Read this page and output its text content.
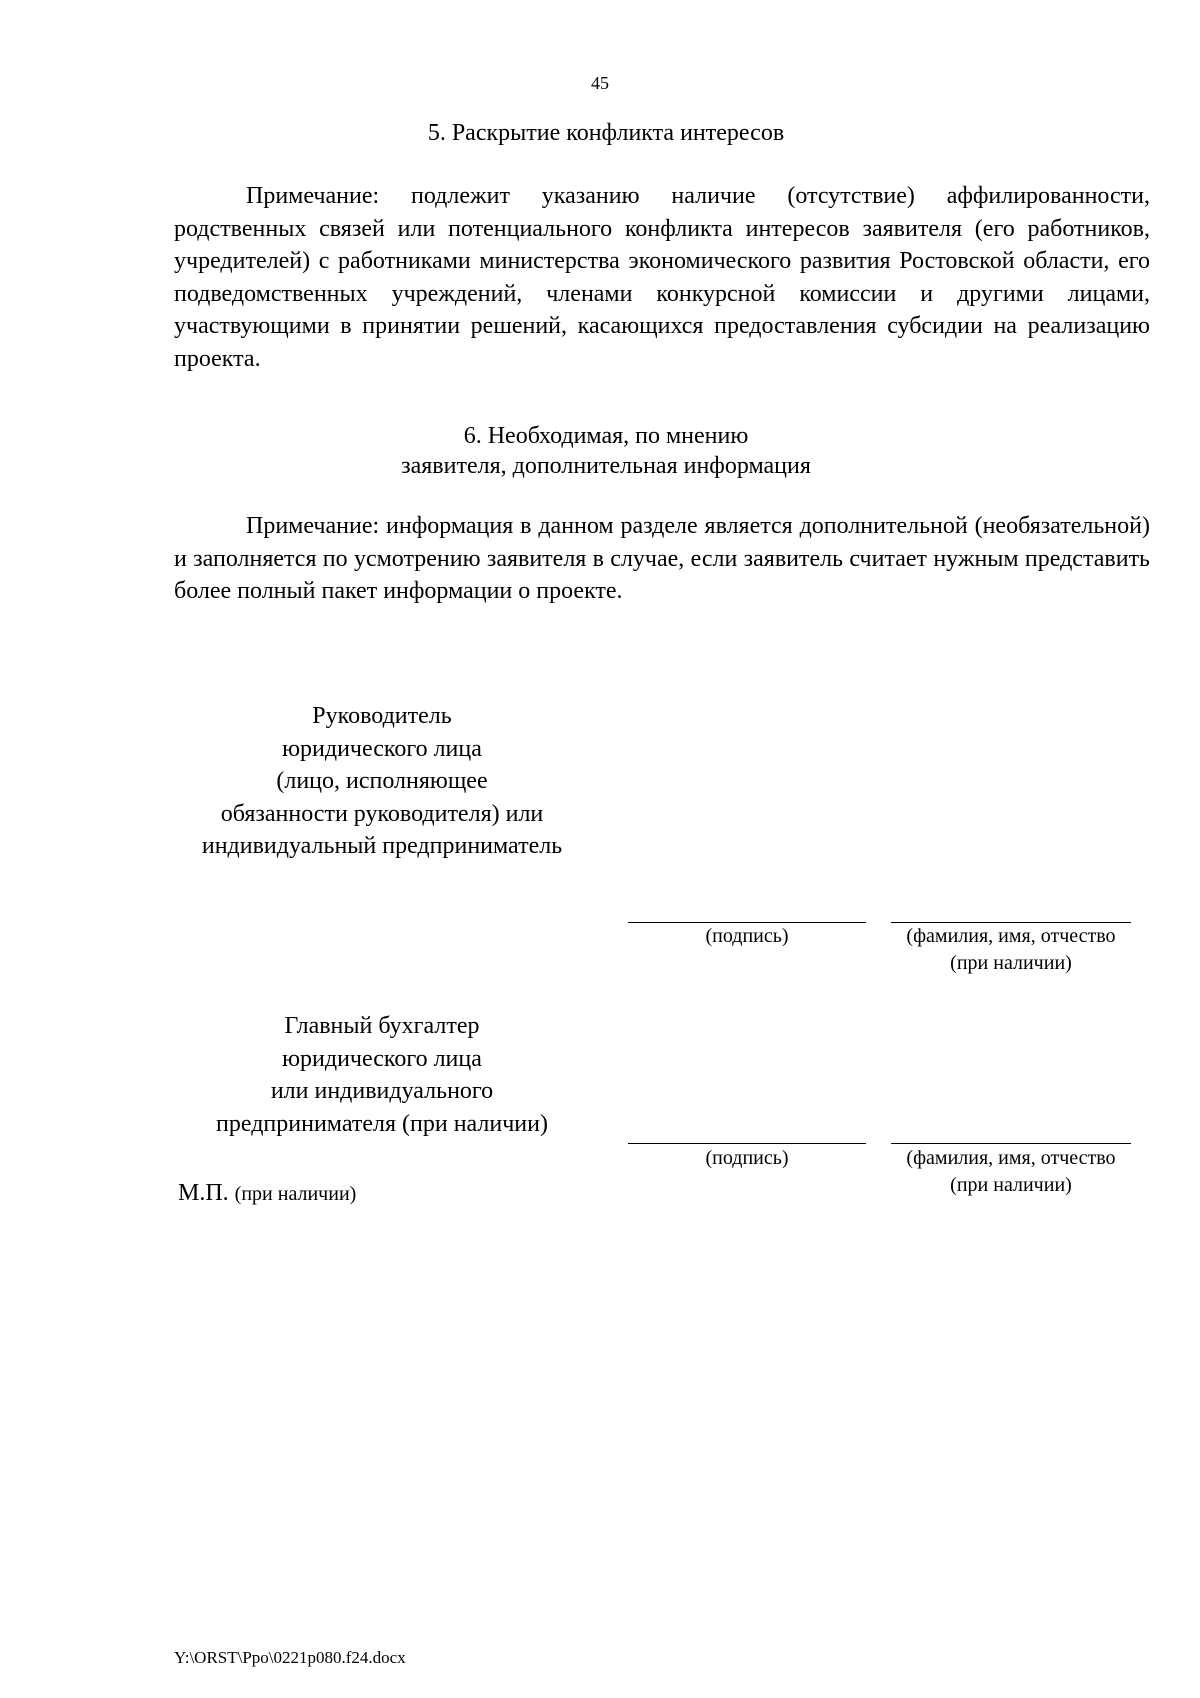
45
5. Раскрытие конфликта интересов
Примечание: подлежит указанию наличие (отсутствие) аффилированности, родственных связей или потенциального конфликта интересов заявителя (его работников, учредителей) с работниками министерства экономического развития Ростовской области, его подведомственных учреждений, членами конкурсной комиссии и другими лицами, участвующими в принятии решений, касающихся предоставления субсидии на реализацию проекта.
6. Необходимая, по мнению
заявителя, дополнительная информация
Примечание: информация в данном разделе является дополнительной (необязательной) и заполняется по усмотрению заявителя в случае, если заявитель считает нужным представить более полный пакет информации о проекте.
Руководитель
юридического лица
(лицо, исполняющее
обязанности руководителя) или
индивидуальный предприниматель
(подпись)	(фамилия, имя, отчество
(при наличии)
Главный бухгалтер
юридического лица
или индивидуального
предпринимателя (при наличии)
(подпись)	(фамилия, имя, отчество
(при наличии)
М.П. (при наличии)
Y:\ORST\Ppo\0221p080.f24.docx
